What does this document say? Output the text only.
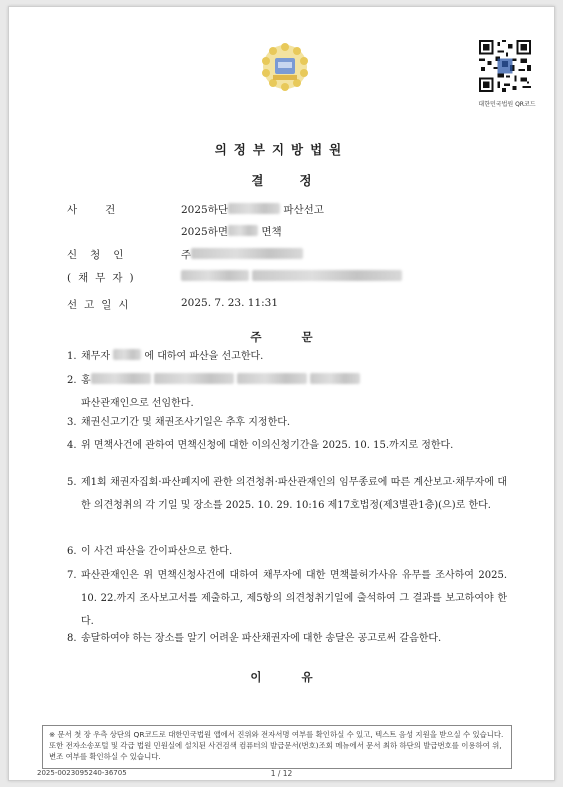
대한민국법원 QR코드
의정부지방법원
결정
사건	2025하단	파산선고
2025하면	면책
신청인	주
(채무자)

선고일시	2025. 7. 23. 11:31
주문
1. 채무자	에 대하여 파산을 선고한다.
2. 홍
파산관재인으로 선임한다.
3. 채권신고기간 및 채권조사기일은 추후 지정한다.
4. 위 면책사건에 관하여 면책신청에 대한 이의신청기간을 2025. 10. 15.까지로 정한다.
5. 제1회 채권자집회·파산폐지에 관한 의견청취·파산관재인의 임무종료에 따른 계산보고·채무자에 대한 의견청취의 각 기일 및 장소를 2025. 10. 29. 10:16 제17호법정(제3별관1층)(으)로 한다.
6. 이 사건 파산을 간이파산으로 한다.
7. 파산관재인은 위 면책신청사건에 대하여 채무자에 대한 면책불허가사유 유무를 조사하여 2025. 10. 22.까지 조사보고서를 제출하고, 제5항의 의견청취기일에 출석하여 그 결과를 보고하여야 한다.
8. 송달하여야 하는 장소를 알기 어려운 파산채권자에 대한 송달은 공고로써 갈음한다.
이유
※ 문서 첫 장 우측 상단의 QR코드로 대한민국법원 앱에서 진위와 전자서명 여부를 확인하실 수 있고, 텍스트 음성 지원을 받으실 수 있습니다. 또한 전자소송포털 및 각급 법원 민원실에 설치된 사건검색 컴퓨터의 발급문서(번호)조회 메뉴에서 문서 최하 하단의 발급번호를 이용하여 위,변조 여부를 확인하실 수 있습니다.
2025-0023095240-36705	1 / 12
